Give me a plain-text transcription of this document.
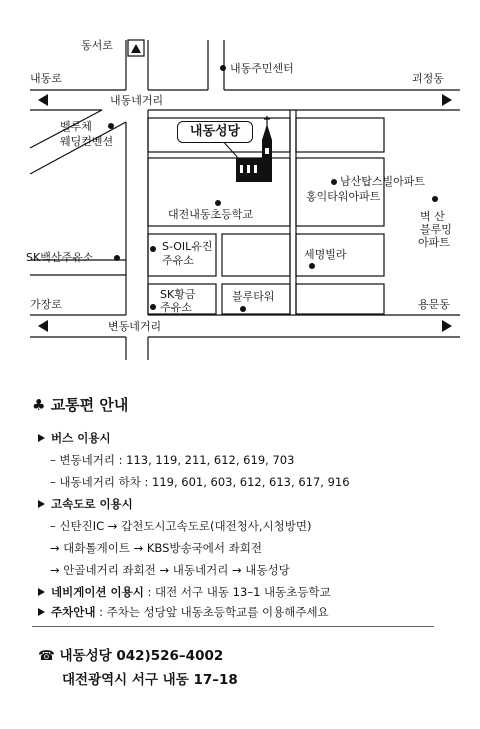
동서로
내동로
내동주민센터
괴정동
내동네거리
벨루체
웨딩컨벤션
내동성당
남산탑스빌아파트
홍익타워아파트
대전내동초등학교	벽 산
블루밍
아파트
SK백산주유소
S-OIL유진
주유소	세명빌라
가장로
SK황금
주유소
블루타워
용문동
변동네거리
♣ 교통편 안내
버스 이용시
– 변동네거리 : 113, 119, 211, 612, 619, 703
– 내동네거리 하차 : 119, 601, 603, 612, 613, 617, 916
고속도로 이용시
– 신탄진IC → 갑천도시고속도로(대전청사,시청방면)
→ 대화톨게이트 → KBS방송국에서 좌회전
→ 안골네거리 좌회전 → 내동네거리 → 내동성당
네비게이션 이용시 : 대전 서구 내동 13–1 내동초등학교
주차안내 : 주차는 성당앞 내동초등학교를 이용해주세요
☎ 내동성당 042)526–4002
대전광역시 서구 내동 17–18
